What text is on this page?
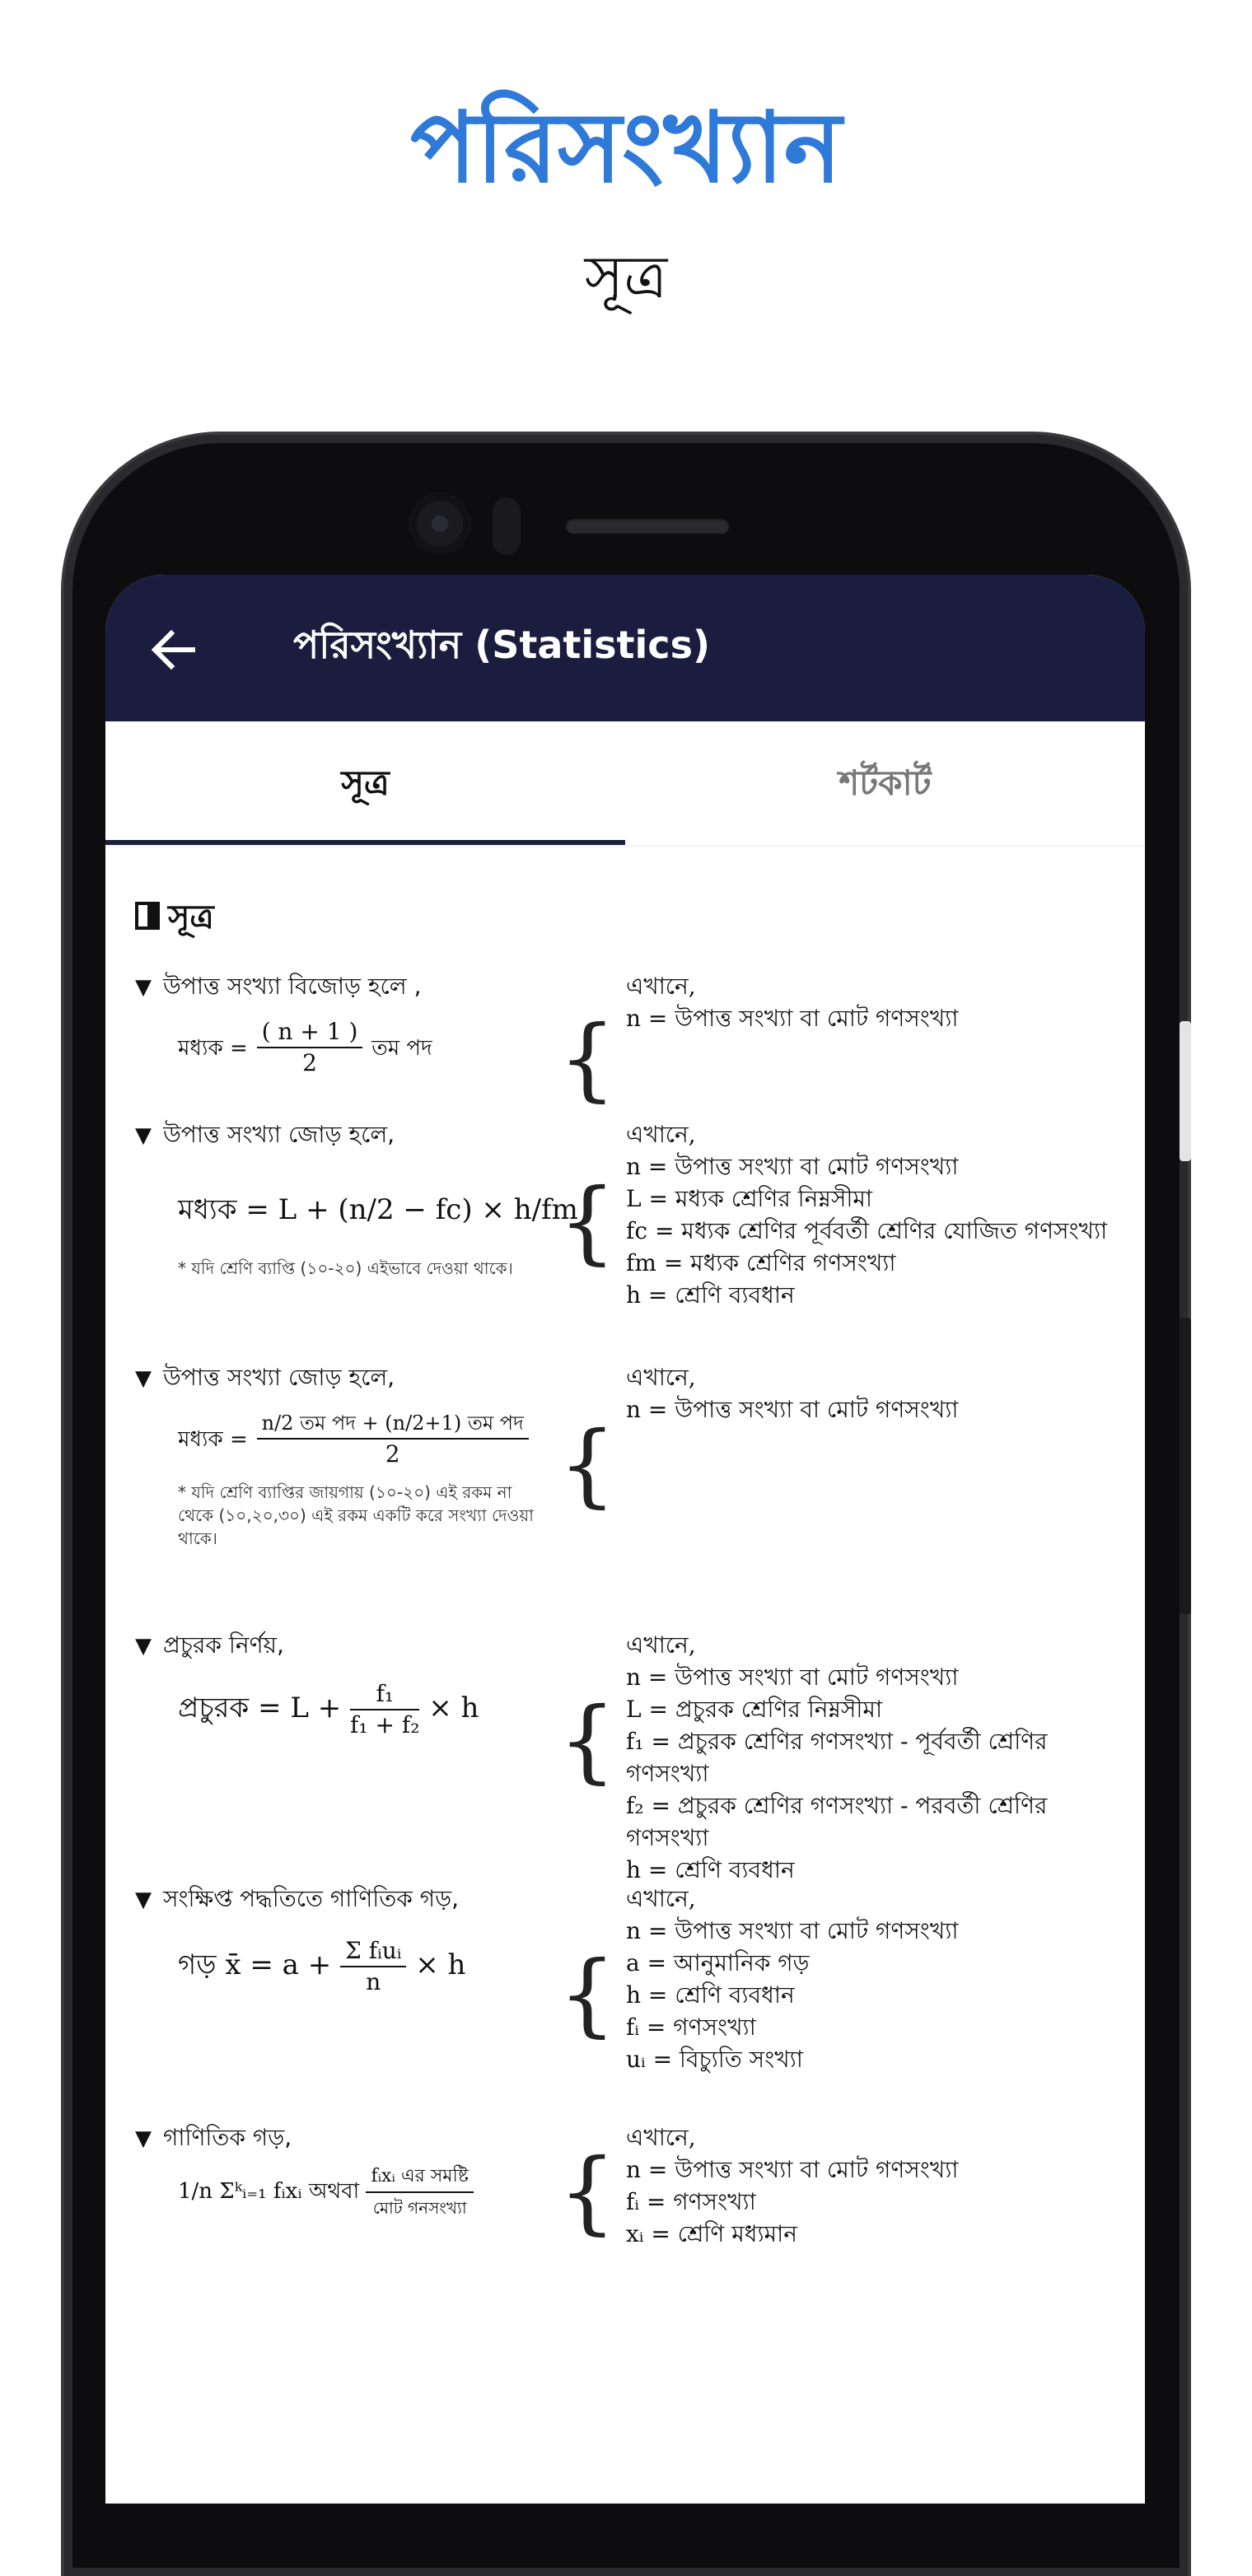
পরিসংখ্যান
সূত্র
পরিসংখ্যান (Statistics)
সূত্র	শর্টকার্ট
সূত্র
▼ উপাত্ত সংখ্যা বিজোড় হলে ,
মধ্যক = $\frac{( n + 1 )}{2}$ তম পদ	{
এখানে,
n = উপাত্ত সংখ্যা বা মোট গণসংখ্যা
▼ উপাত্ত সংখ্যা জোড় হলে,
মধ্যক = L + (n/2 − fc) × h/fm
* যদি শ্রেণি ব্যাপ্তি (১০-২০) এইভাবে দেওয়া থাকে। {
এখানে,
n = উপাত্ত সংখ্যা বা মোট গণসংখ্যা
L = মধ্যক শ্রেণির নিম্নসীমা
fc = মধ্যক শ্রেণির পূর্ববর্তী শ্রেণির যোজিত গণসংখ্যা
fm = মধ্যক শ্রেণির গণসংখ্যা
h = শ্রেণি ব্যবধান
▼ উপাত্ত সংখ্যা জোড় হলে,
মধ্যক = $\frac{\text{n/2 তম পদ + (n/2+1) তম পদ}}{2}$
* যদি শ্রেণি ব্যাপ্তির জায়গায় (১০-২০) এই রকম না থেকে (১০,২০,৩০) এই রকম একটি করে সংখ্যা দেওয়া থাকে।
{
এখানে,
n = উপাত্ত সংখ্যা বা মোট গণসংখ্যা
▼ প্রচুরক নির্ণয়,
প্রচুরক = $L + \frac{\text{f₁}}{\text{f₁ + f₂}} \times h$ {
এখানে,
n = উপাত্ত সংখ্যা বা মোট গণসংখ্যা
L = প্রচুরক শ্রেণির নিম্নসীমা
f₁ = প্রচুরক শ্রেণির গণসংখ্যা - পূর্ববর্তী শ্রেণির গণসংখ্যা
f₂ = প্রচুরক শ্রেণির গণসংখ্যা - পরবর্তী শ্রেণির গণসংখ্যা
h = শ্রেণি ব্যবধান
▼ সংক্ষিপ্ত পদ্ধতিতে গাণিতিক গড়,
গড় x̄ = $a + \frac{\text{Σ fᵢuᵢ}}{n} \times h$	{
এখানে,
n = উপাত্ত সংখ্যা বা মোট গণসংখ্যা
a = আনুমানিক গড়
h = শ্রেণি ব্যবধান
fᵢ = গণসংখ্যা
uᵢ = বিচ্যুতি সংখ্যা
▼ গাণিতিক গড়,
1/n Σᵏᵢ₌₁ fᵢxᵢ অথবা $\frac{\text{fᵢxᵢ এর সমষ্টি}}{\text{মোট গনসংখ্যা}}$ {
এখানে,
n = উপাত্ত সংখ্যা বা মোট গণসংখ্যা
fᵢ = গণসংখ্যা
xᵢ = শ্রেণি মধ্যমান
